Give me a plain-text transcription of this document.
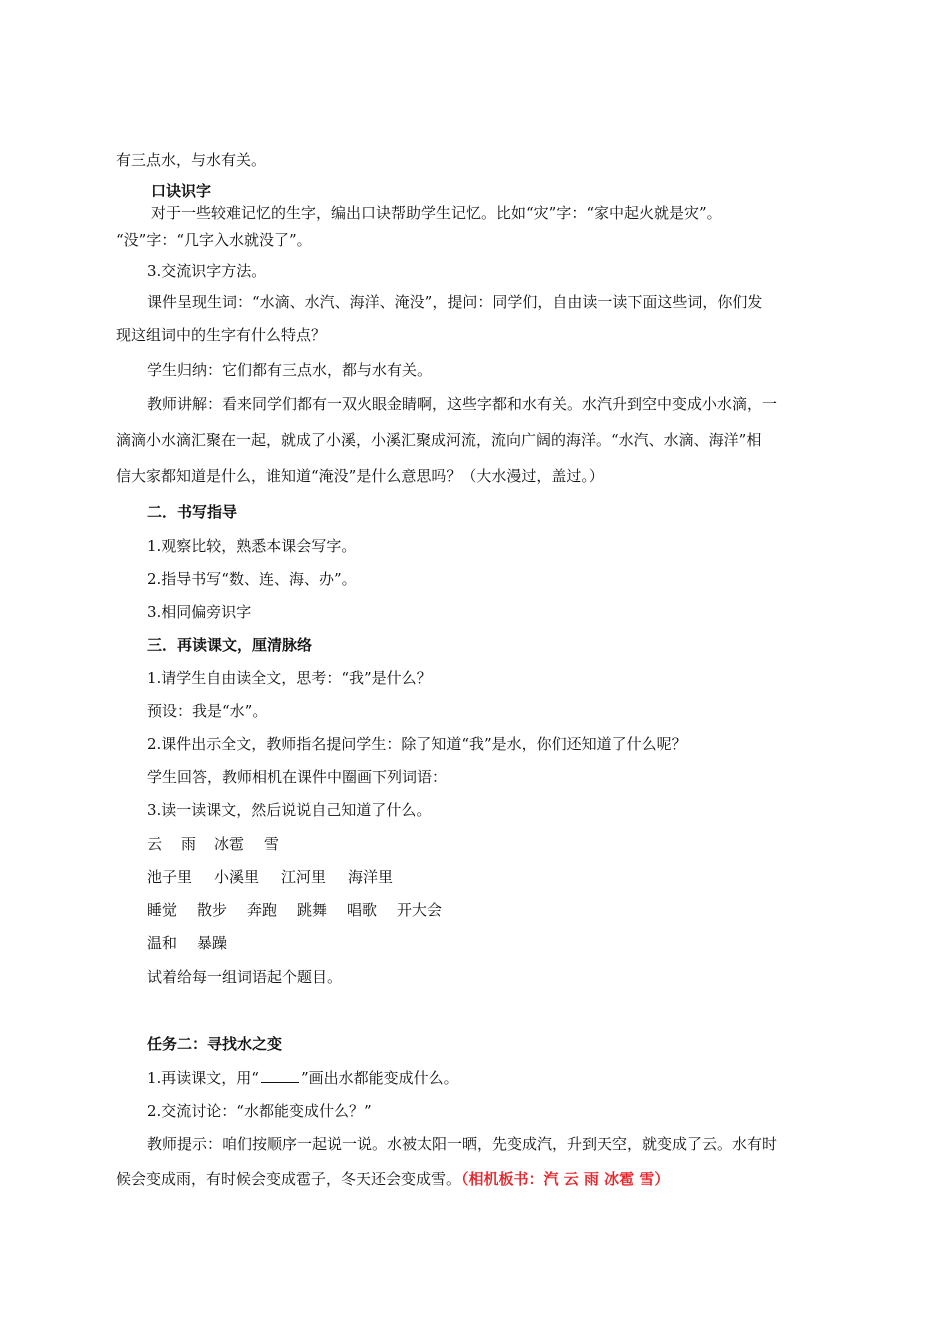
有三点水，与水有关。
口诀识字
对于一些较难记忆的生字，编出口诀帮助学生记忆。比如“灾”字：“家中起火就是灾”。
“没”字：“几字入水就没了”。
3.交流识字方法。
课件呈现生词：“水滴、水汽、海洋、淹没”，提问：同学们，自由读一读下面这些词，你们发
现这组词中的生字有什么特点？
学生归纳：它们都有三点水，都与水有关。
教师讲解：看来同学们都有一双火眼金睛啊，这些字都和水有关。水汽升到空中变成小水滴，一
滴滴小水滴汇聚在一起，就成了小溪，小溪汇聚成河流，流向广阔的海洋。“水汽、水滴、海洋”相
信大家都知道是什么，谁知道“淹没”是什么意思吗？（大水漫过，盖过。）
二．书写指导
1.观察比较，熟悉本课会写字。
2.指导书写“数、连、海、办”。
3.相同偏旁识字
三．再读课文，厘清脉络
1.请学生自由读全文，思考：“我”是什么？
预设：我是“水”。
2.课件出示全文，教师指名提问学生：除了知道“我”是水，你们还知道了什么呢？
学生回答，教师相机在课件中圈画下列词语：
3.读一读课文，然后说说自己知道了什么。
云 雨 冰雹 雪
池子里 小溪里 江河里 海洋里
睡觉 散步 奔跑 跳舞 唱歌 开大会
温和 暴躁
试着给每一组词语起个题目。
任务二：寻找水之变
1.再读课文，用“	”画出水都能变成什么。
2.交流讨论：“水都能变成什么？”
教师提示：咱们按顺序一起说一说。水被太阳一晒，先变成汽，升到天空，就变成了云。水有时
候会变成雨，有时候会变成雹子，冬天还会变成雪。（相机板书：汽 云 雨 冰雹 雪）
